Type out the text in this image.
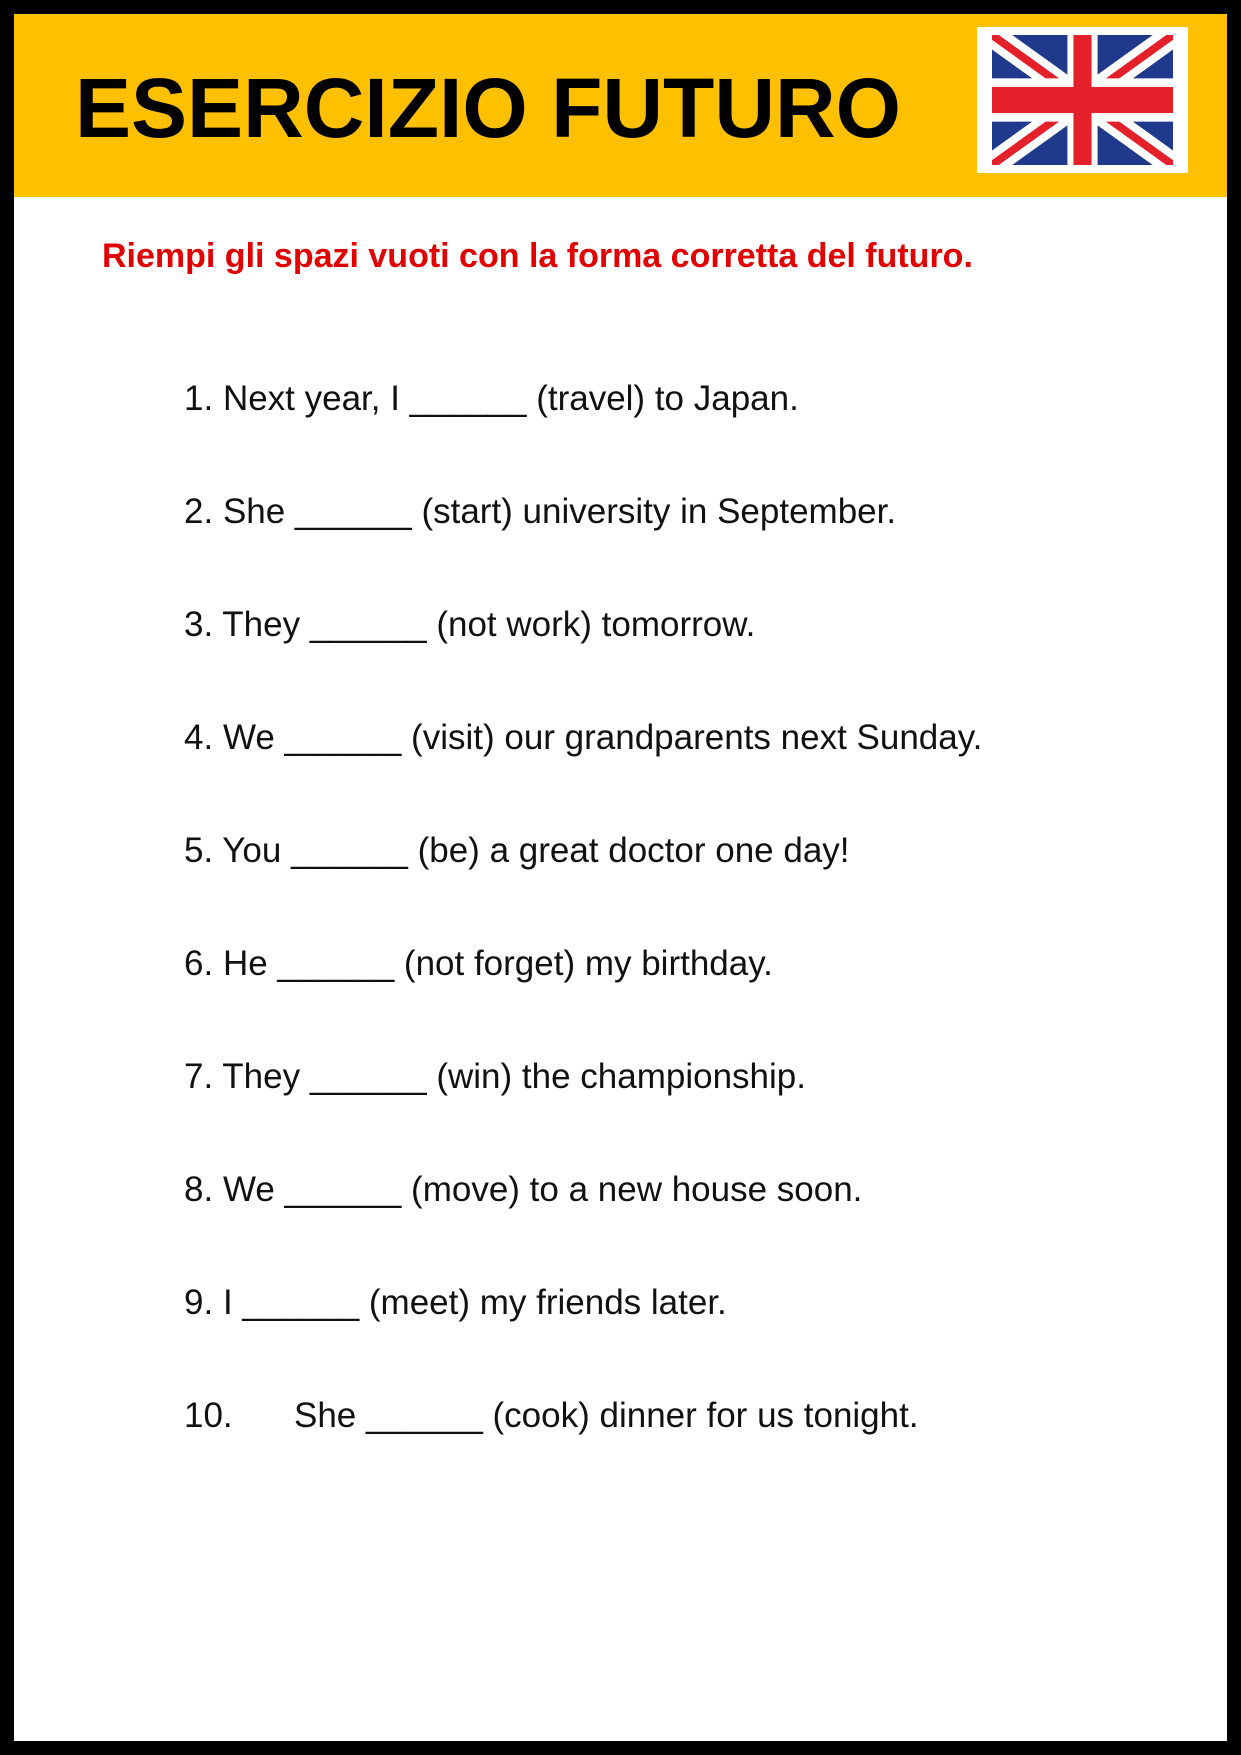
ESERCIZIO FUTURO
Riempi gli spazi vuoti con la forma corretta del futuro.
1. Next year, I ______ (travel) to Japan.
2. She ______ (start) university in September.
3. They ______ (not work) tomorrow.
4. We ______ (visit) our grandparents next Sunday.
5. You ______ (be) a great doctor one day!
6. He ______ (not forget) my birthday.
7. They ______ (win) the championship.
8. We ______ (move) to a new house soon.
9. I ______ (meet) my friends later.
10. She ______ (cook) dinner for us tonight.
